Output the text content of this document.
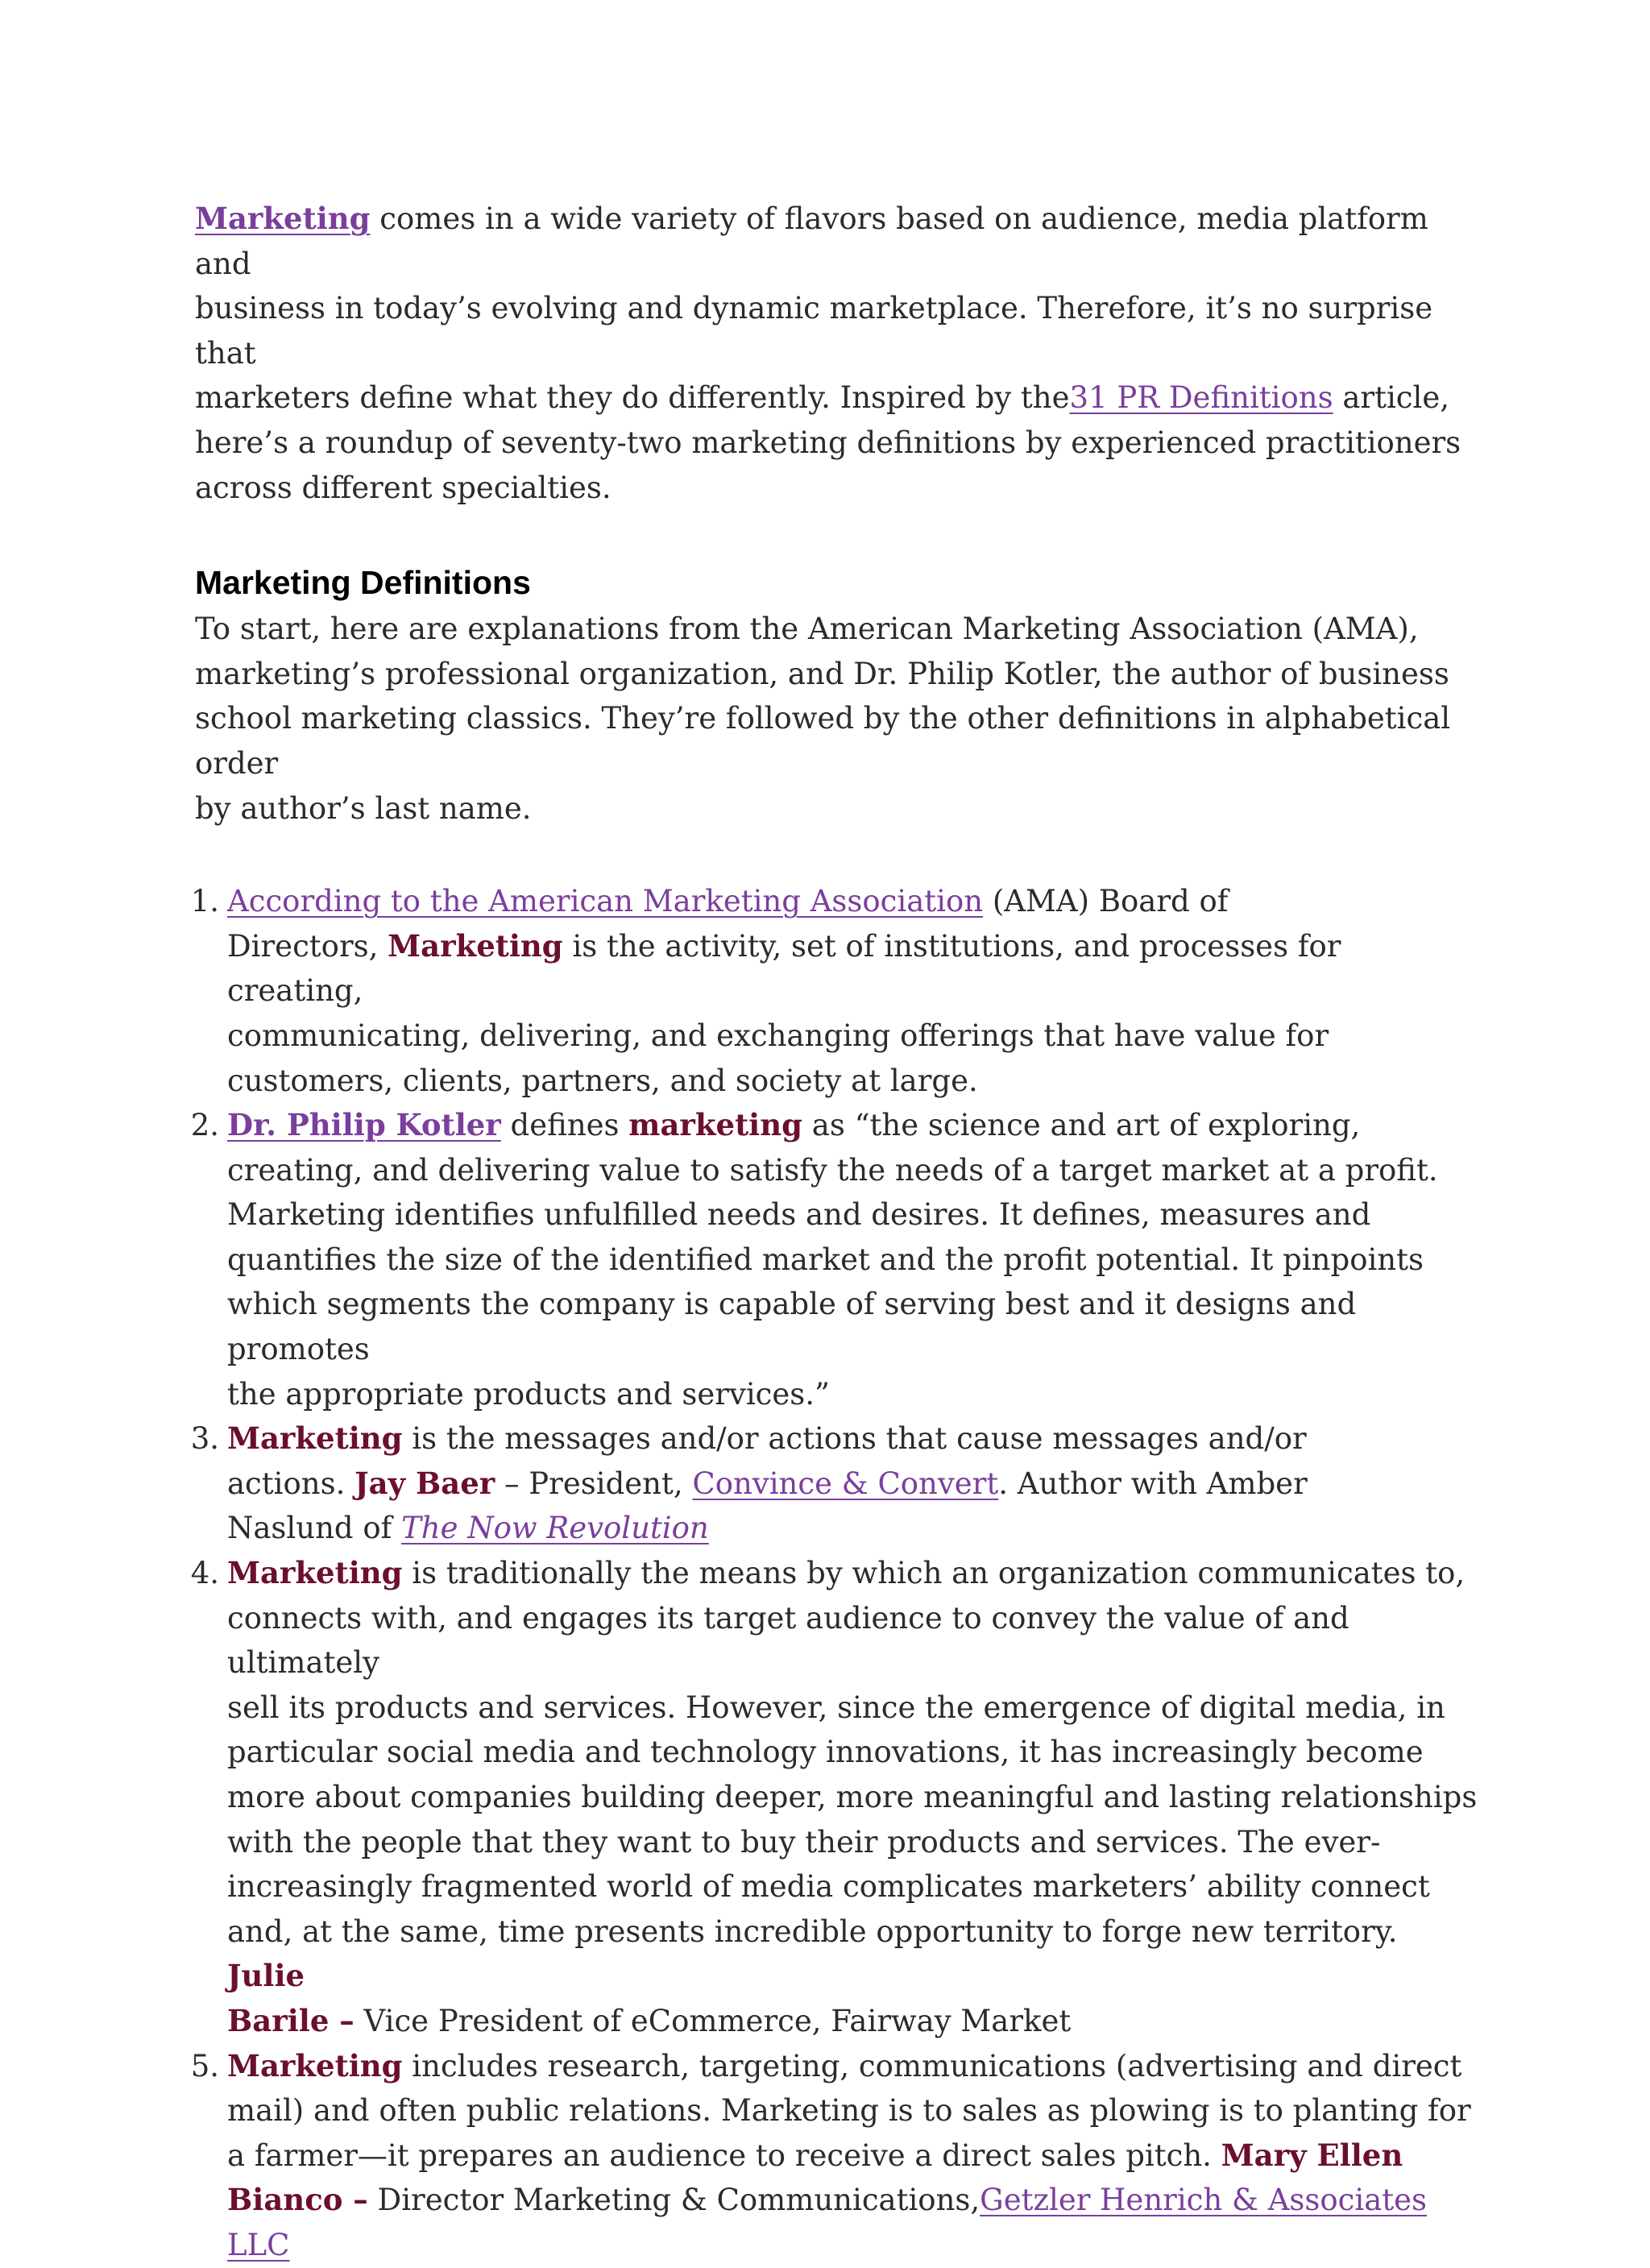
Marketing comes in a wide variety of flavors based on audience, media platform and
business in today’s evolving and dynamic marketplace. Therefore, it’s no surprise that
marketers define what they do differently. Inspired by the31 PR Definitions article,
here’s a roundup of seventy-two marketing definitions by experienced practitioners
across different specialties.

Marketing Definitions

To start, here are explanations from the American Marketing Association (AMA),
marketing’s professional organization, and Dr. Philip Kotler, the author of business
school marketing classics. They’re followed by the other definitions in alphabetical order
by author’s last name.

1. According to the American Marketing Association (AMA) Board of
Directors, Marketing is the activity, set of institutions, and processes for creating,
communicating, delivering, and exchanging offerings that have value for
customers, clients, partners, and society at large.
2. Dr. Philip Kotler defines marketing as “the science and art of exploring,
creating, and delivering value to satisfy the needs of a target market at a profit.
Marketing identifies unfulfilled needs and desires. It defines, measures and
quantifies the size of the identified market and the profit potential. It pinpoints
which segments the company is capable of serving best and it designs and promotes
the appropriate products and services.”
3. Marketing is the messages and/or actions that cause messages and/or
actions. Jay Baer – President, Convince & Convert. Author with Amber
Naslund of The Now Revolution
4. Marketing is traditionally the means by which an organization communicates to,
connects with, and engages its target audience to convey the value of and ultimately
sell its products and services. However, since the emergence of digital media, in
particular social media and technology innovations, it has increasingly become
more about companies building deeper, more meaningful and lasting relationships
with the people that they want to buy their products and services. The ever-
increasingly fragmented world of media complicates marketers’ ability connect
and, at the same, time presents incredible opportunity to forge new territory. Julie
Barile – Vice President of eCommerce, Fairway Market
5. Marketing includes research, targeting, communications (advertising and direct
mail) and often public relations. Marketing is to sales as plowing is to planting for
a farmer—it prepares an audience to receive a direct sales pitch. Mary Ellen
Bianco – Director Marketing & Communications,Getzler Henrich & Associates
LLC
